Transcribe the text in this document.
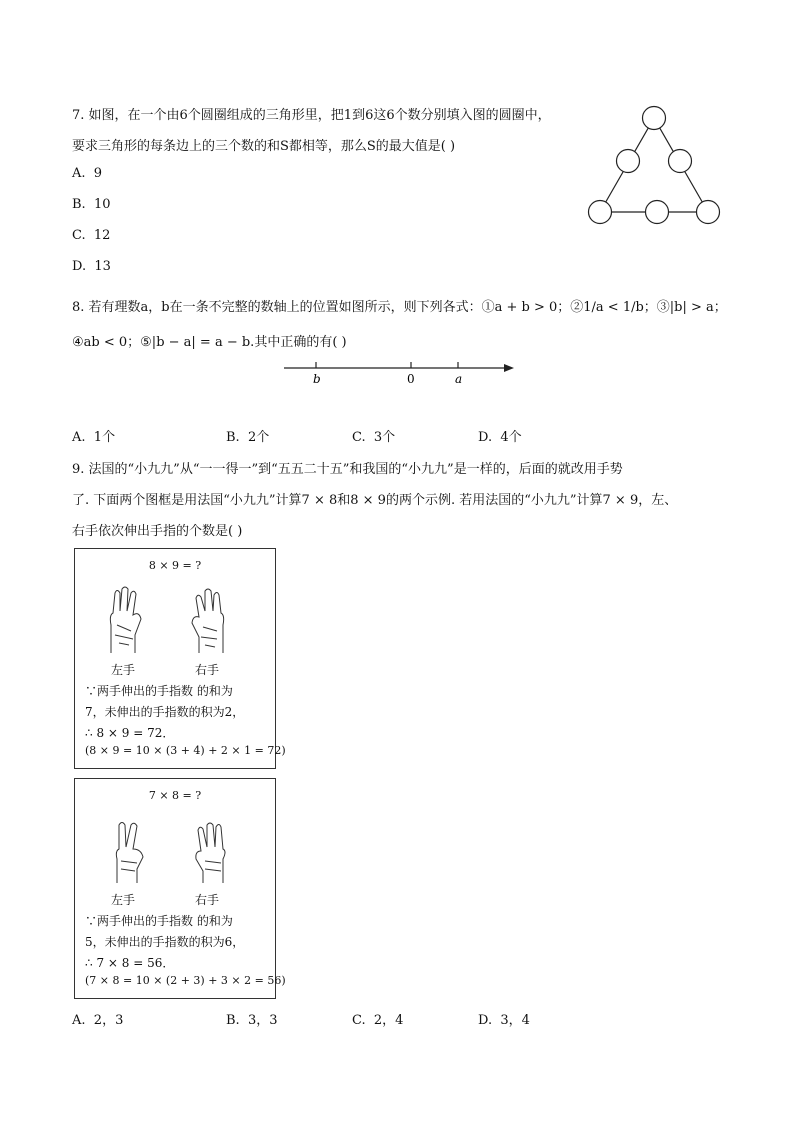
7. 如图，在一个由6个圆圈组成的三角形里，把1到6这6个数分别填入图的圆圈中，
要求三角形的每条边上的三个数的和S都相等，那么S的最大值是( )
A. 9
B. 10
C. 12
D. 13
8. 若有理数a，b在一条不完整的数轴上的位置如图所示，则下列各式：①a + b > 0；②1/a < 1/b；③|b| > a；
④ab < 0；⑤|b − a| = a − b.其中正确的有( )
b	0	a
A. 1个	B. 2个	C. 3个	D. 4个
9. 法国的“小九九”从“一一得一”到“五五二十五”和我国的“小九九”是一样的，后面的就改用手势
了. 下面两个图框是用法国“小九九”计算7 × 8和8 × 9的两个示例. 若用法国的“小九九”计算7 × 9，左、
右手依次伸出手指的个数是( )
8 × 9 = ?
左手	右手
∵两手伸出的手指数 的和为
7，未伸出的手指数的积为2，
∴ 8 × 9 = 72．
(8 × 9 = 10 × (3 + 4) + 2 × 1 = 72)
7 × 8 = ?
左手	右手
∵两手伸出的手指数 的和为
5，未伸出的手指数的积为6，
∴ 7 × 8 = 56．
(7 × 8 = 10 × (2 + 3) + 3 × 2 = 56)
A. 2，3	B. 3，3	C. 2，4	D. 3，4
